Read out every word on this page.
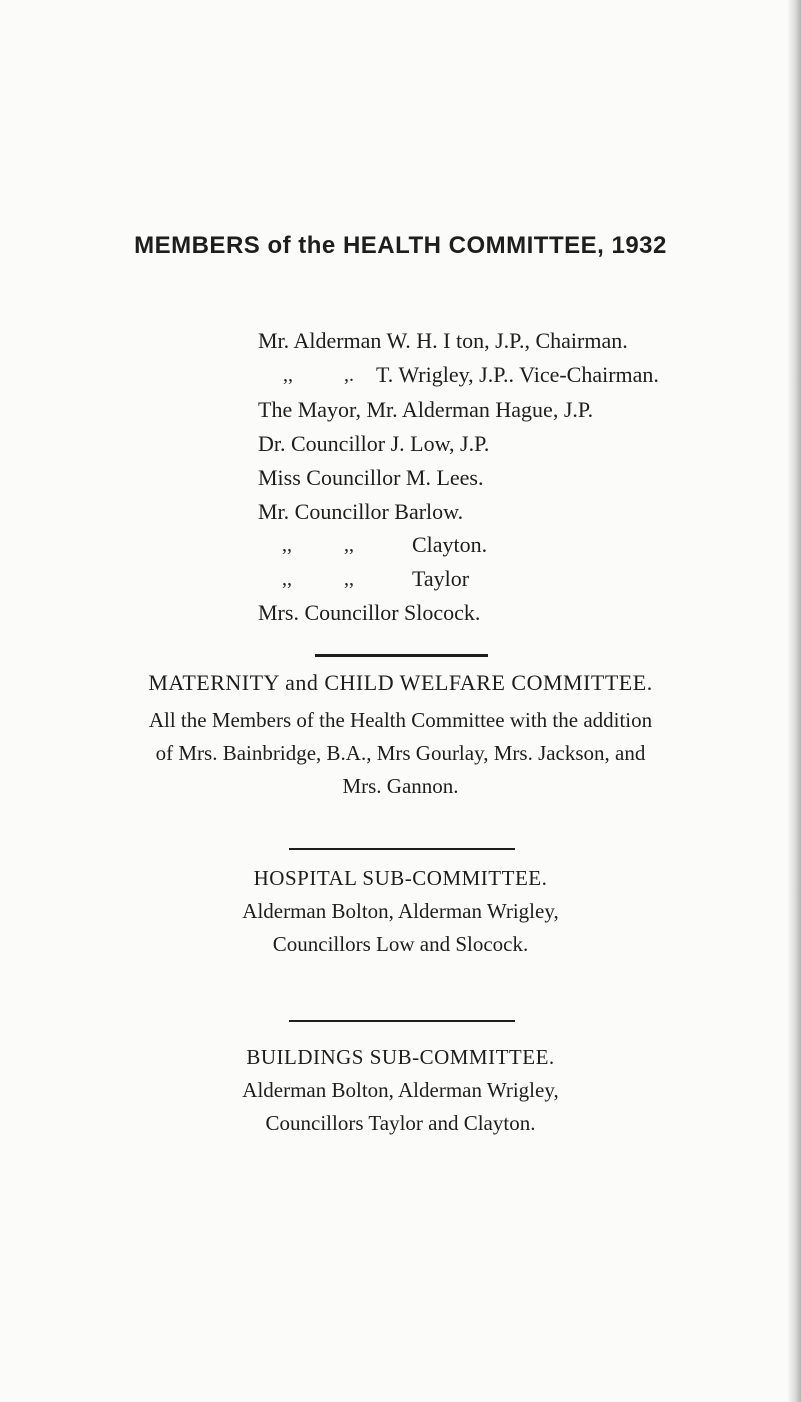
MEMBERS of the HEALTH COMMITTEE, 1932
Mr. Alderman W. H. I ton, J.P., Chairman.
,,	,. T. Wrigley, J.P.. Vice-Chairman.
The Mayor, Mr. Alderman Hague, J.P.
Dr. Councillor J. Low, J.P.
Miss Councillor M. Lees.
Mr. Councillor Barlow.
,,	,,	Clayton.
,,	,,	Taylor
Mrs. Councillor Slocock.
MATERNITY and CHILD WELFARE COMMITTEE.
All the Members of the Health Committee with the addition
of Mrs. Bainbridge, B.A., Mrs Gourlay, Mrs. Jackson, and
Mrs. Gannon.
HOSPITAL SUB-COMMITTEE.
Alderman Bolton, Alderman Wrigley,
Councillors Low and Slocock.
BUILDINGS SUB-COMMITTEE.
Alderman Bolton, Alderman Wrigley,
Councillors Taylor and Clayton.
